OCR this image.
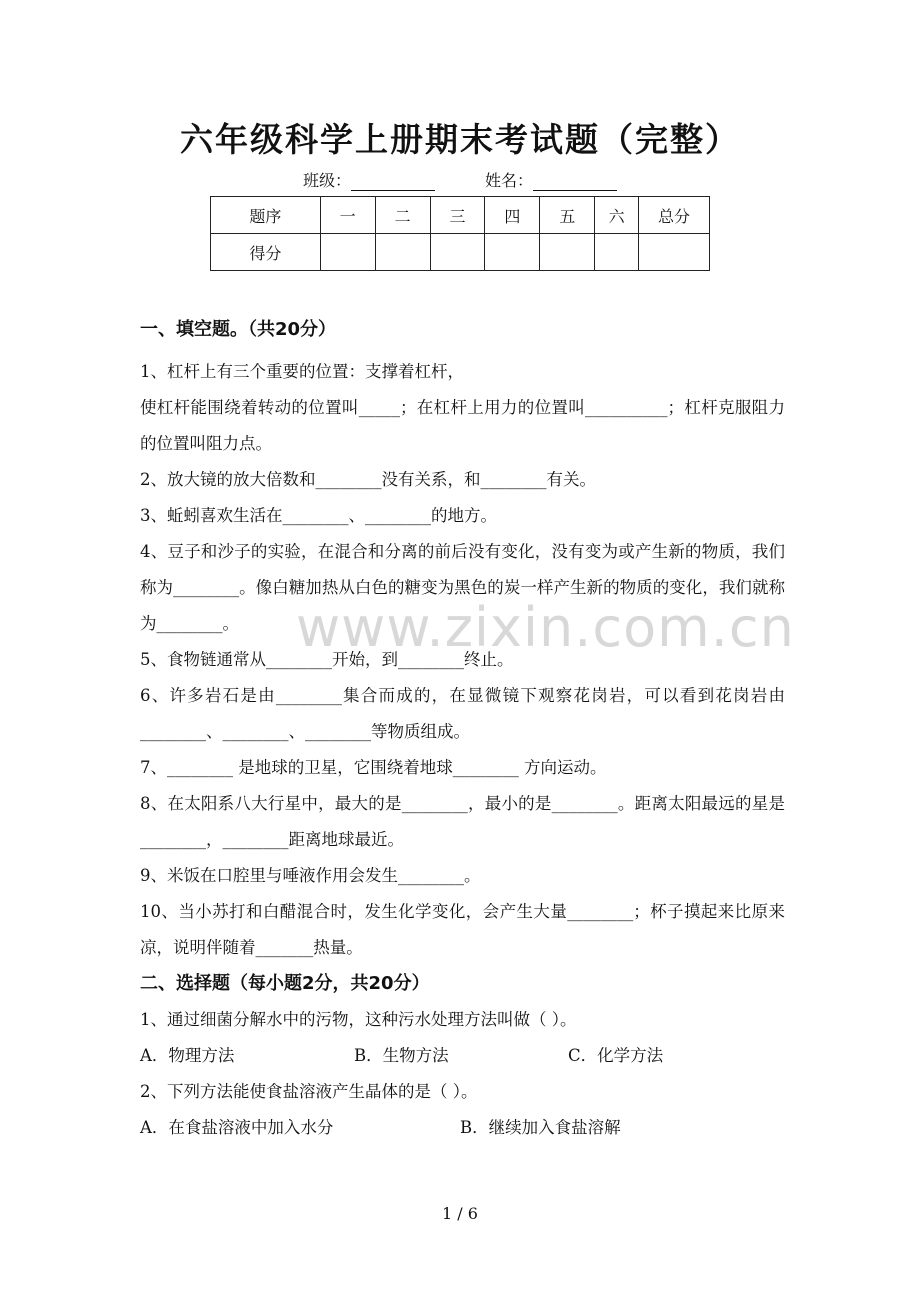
六年级科学上册期末考试题（完整）
班级：	姓名：
题序	一	二	三	四	五	六	总分
得分							

一、填空题。（共20分）

1、杠杆上有三个重要的位置：支撑着杠杆，
使杠杆能围绕着转动的位置叫_____；在杠杆上用力的位置叫__________；杠杆克服阻力的位置叫阻力点。

2、放大镜的放大倍数和________没有关系，和________有关。

3、蚯蚓喜欢生活在________、________的地方。

4、豆子和沙子的实验，在混合和分离的前后没有变化，没有变为或产生新的物质，我们称为________。像白糖加热从白色的糖变为黑色的炭一样产生新的物质的变化，我们就称为________。

5、食物链通常从________开始，到________终止。

6、许多岩石是由________集合而成的，在显微镜下观察花岗岩，可以看到花岗岩由________、________、________等物质组成。

7、________ 是地球的卫星，它围绕着地球________ 方向运动。

8、在太阳系八大行星中，最大的是________，最小的是________。距离太阳最远的星是________，________距离地球最近。

9、米饭在口腔里与唾液作用会发生________。

10、当小苏打和白醋混合时，发生化学变化，会产生大量________；杯子摸起来比原来凉，说明伴随着_______热量。

二、选择题（每小题2分，共20分）

1、通过细菌分解水中的污物，这种污水处理方法叫做（ ）。

A．物理方法	B．生物方法	C．化学方法

2、下列方法能使食盐溶液产生晶体的是（ ）。

A．在食盐溶液中加入水分	B．继续加入食盐溶解
www.zixin.com.cn
1 / 6
